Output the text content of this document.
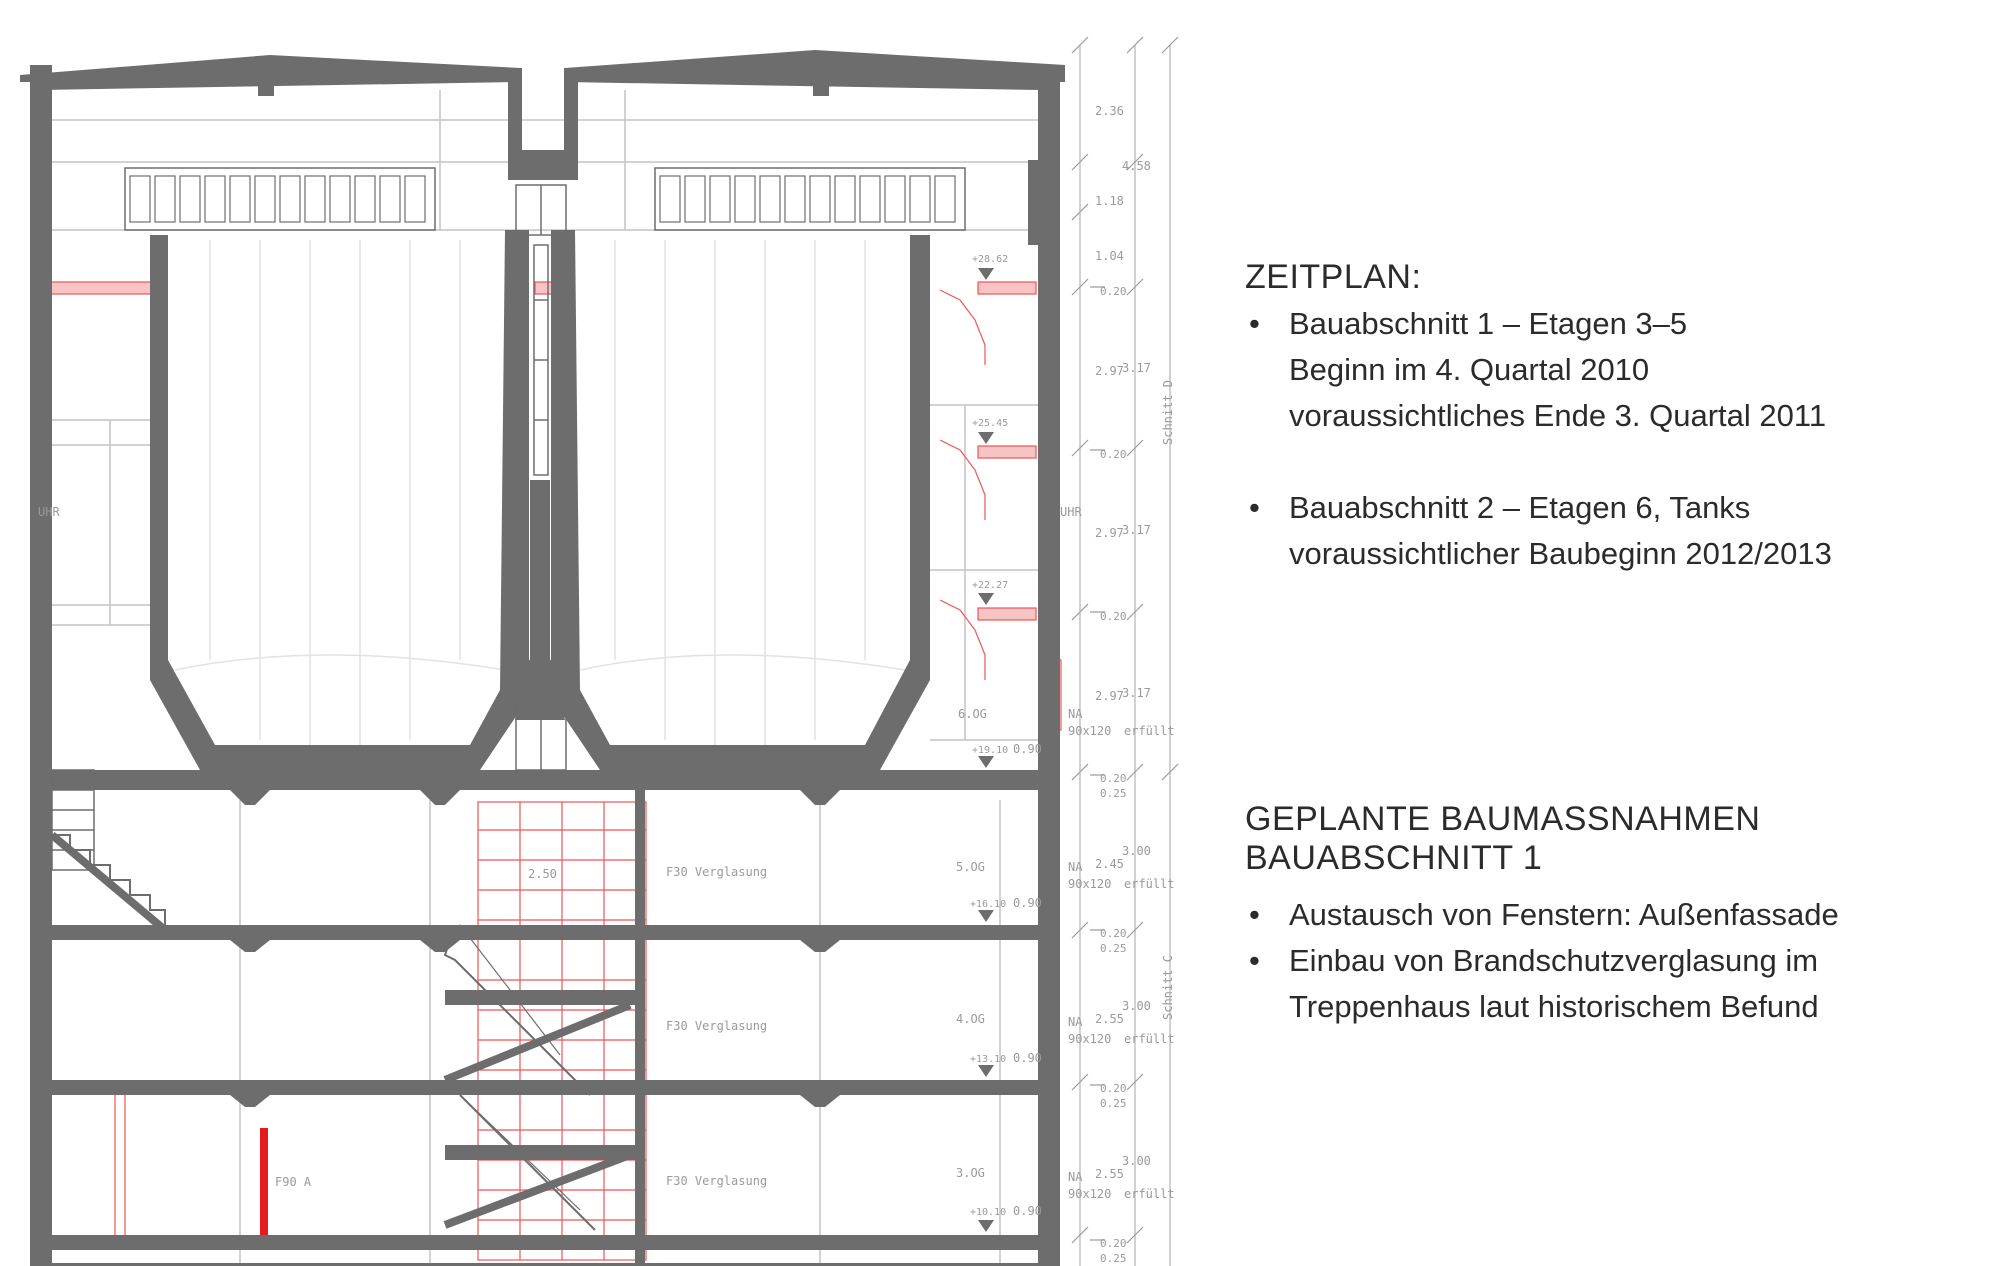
UHR	UHR
2.50
F90 A
6.OG
+19.10 0.90
NA
90x120 erfüllt
5.OG
+16.10 0.90
NA
90x120 erfüllt
F30 Verglasung
4.OG
+13.10 0.90
NA
90x120 erfüllt
F30 Verglasung
3.OG
+10.10 0.90
NA
90x120 erfüllt
F30 Verglasung
+28.62
+25.45
+22.27
2.36
1.18
1.04
2.97
2.97
2.97
2.45
2.55
2.55
4.58
3.17
3.17
3.17
3.00
3.00
3.00
0.20
0.20
0.20
0.20
0.25
0.20
0.25
0.20
0.25
0.20
0.25
Schnitt D
Schnitt C
ZEITPLAN:
• Bauabschnitt 1 – Etagen 3–5
Beginn im 4. Quartal 2010
voraussichtliches Ende 3. Quartal 2011
• Bauabschnitt 2 – Etagen 6, Tanks
voraussichtlicher Baubeginn 2012/2013
GEPLANTE BAUMASSNAHMEN BAUABSCHNITT 1
• Austausch von Fenstern: Außenfassade
• Einbau von Brandschutzverglasung im
Treppenhaus laut historischem Befund
